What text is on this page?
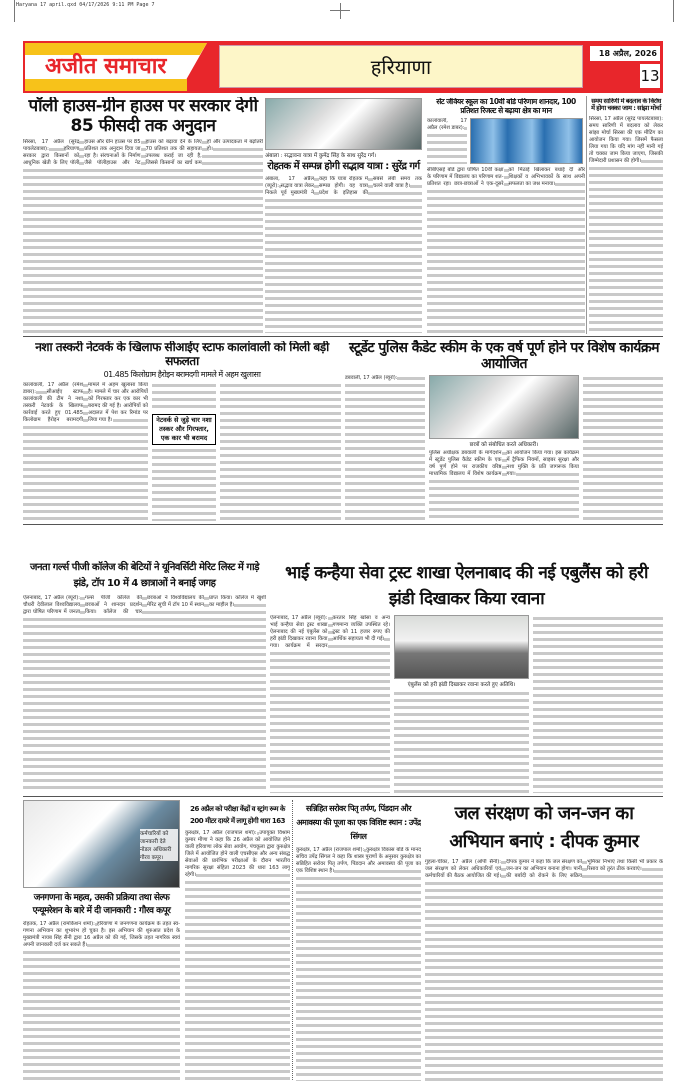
Haryana 17 april.qxd 04/17/2026 9:11 PM Page 7
अजीत समाचार	हरियाणा
18 अप्रैल, 2026
13
पॉली हाउस-ग्रीन हाउस पर सरकार देगी 85 फीसदी तक अनुदान
सिरसा, 17 अप्रैल (सुरेंद्र पायलेटबाबा):	हरियाणा सरकार द्वारा किसानों को आधुनिक खेती के लिए पॉली हाउस और ग्रीन हाउस पर 85 प्रतिशत तक अनुदान दिया जा रहा है। संरचनाओं के निर्माण जैसे पॉलीहाउस और नेट हाउस को बढ़ावा देने के लिए 70 प्रतिशत तक की सहायता उपलब्ध कराई जा रही है, जिससे किसानों का खर्च कम हो और उत्पादकता में बढ़ोतरी हो।
अंबाला : सद्भावना यात्रा में कुमेंद्र सिंह के साथ सुरेंद्र गर्ग।
रोहतक में सम्पन्न होगी सद्भाव यात्रा : सुरेंद्र गर्ग
अंबाला, 17 अप्रैल (ब्यूरो): सद्भाव यात्रा लेकर निकले पूर्व मुख्यमंत्री ने कहा कि यात्रा रोहतक में सम्पन्न होगी। यह यात्रा प्रदेश के इतिहास की सबसे लंबी समय तक चलने वाली यात्रा है।
सेंट जेवियर स्कूल का 10वीं बोर्ड परिणाम शानदार, 100 प्रतिशत रिजल्ट से बढ़ाया क्षेत्र का मान
कालांवाली, 17 अप्रैल (रमेश डाबर):
सीबीएसई बोर्ड द्वारा घोषित 10वीं कक्षा के परिणाम में विद्यालय का परिणाम शत-प्रतिशत रहा। छात्र-छात्राओं ने एक-दूसरे को मिठाई खिलाकर बधाई दी और शिक्षकों व अभिभावकों के साथ अपनी सफलता का जश्न मनाया।
समय सारिणी में बदलाव के विरोध में होगा चक्का जाम : सांझा मोर्चा
सिरसा, 17 अप्रैल (सुरेंद्र पायलेटबाबा): समय सारिणी में बदलाव को लेकर सांझा मोर्चा सिरसा की एक मीटिंग का आयोजन किया गया। जिसमें फैसला लिया गया कि यदि मांग नहीं मानी गई तो चक्का जाम किया जाएगा, जिसकी जिम्मेदारी प्रशासन की होगी।
नशा तस्करी नेटवर्क के खिलाफ सीआईए स्टाफ कालांवाली को मिली बड़ी सफलता
01.485 किलोग्राम हैरोइन बरामदगी मामले में अहम खुलासा
कालांवाली, 17 अप्रैल (रमेश डाबर): सीआईए स्टाफ कालांवाली की टीम ने नशा तस्करी नेटवर्क के खिलाफ कार्रवाई करते हुए 01.485 किलोग्राम हैरोइन बरामदगी मामले में अहम खुलासा किया है। मामले में चार और आरोपियों को गिरफ्तार कर एक कार भी बरामद की गई है। आरोपियों को अदालत में पेश कर रिमांड पर लिया गया है।	नेटवर्क से जुड़े चार नशा तस्कर और गिरफ्तार, एक कार भी बरामद
स्टूडेंट पुलिस कैडेट स्कीम के एक वर्ष पूर्ण होने पर विशेष कार्यक्रम आयोजित
डबवाली, 17 अप्रैल (ब्यूरो):
छात्रों को संबोधित करते अधिकारी।
पुलिस अधीक्षक डबवाली के मार्गदर्शन में स्टूडेंट पुलिस कैडेट स्कीम के एक वर्ष पूर्ण होने पर राजकीय वरिष्ठ माध्यमिक विद्यालय में विशेष कार्यक्रम का आयोजन किया गया। इस कार्यक्रम में ट्रैफिक नियमों, साइबर सुरक्षा और नशा मुक्ति के प्रति जागरूक किया गया।
जनता गर्ल्स पीजी कॉलेज की बेटियों ने यूनिवर्सिटी मेरिट लिस्ट में गाड़े झंडे, टॉप 10 में 4 छात्राओं ने बनाई जगह
ऐलनाबाद, 17 अप्रैल (ब्यूरो): चौधरी देवीलाल विश्वविद्यालय द्वारा घोषित परिणाम में जनता गर्ल्स पीजी कॉलेज की छात्राओं ने शानदार प्रदर्शन किया। कॉलेज की चार छात्राओं ने विश्वविद्यालय की मेरिट सूची में टॉप 10 में स्थान प्राप्त किया। कॉलेज में खुशी का माहौल है।
भाई कन्हैया सेवा ट्रस्ट शाखा ऐलनाबाद की नई एबुलैंस को हरी झंडी दिखाकर किया रवाना
ऐलनाबाद, 17 अप्रैल (ब्यूरो): भाई कन्हैया सेवा ट्रस्ट शाखा ऐलनाबाद की नई एंबुलेंस को हरी झंडी दिखाकर रवाना किया गया। कार्यक्रम में सरदार करतार सिंह खोसा व अन्य गणमान्य व्यक्ति उपस्थित रहे। ट्रस्ट को 11 हजार रुपए की आर्थिक सहायता भी दी गई।
एंबुलेंस को हरी झंडी दिखाकर रवाना करते हुए अतिथि।
कर्मचारियों को जानकारी देते नोडल अधिकारी गौरव कपूर।
जनगणना के महत्व, उसकी प्रक्रिया तथा सेल्फ एन्यूमरेशन के बारे में दी जानकारी : गौरव कपूर
रोहतक, 17 अप्रैल (रामकिशन शर्मा): हरियाणा में जनगणना कार्यक्रम के तहत स्व-गणना अभियान का शुभारंभ हो चुका है। इस अभियान की शुरुआत प्रदेश के मुख्यमंत्री नायब सिंह सैनी द्वारा 16 अप्रैल को की गई, जिसके तहत नागरिक स्वयं अपनी जानकारी दर्ज कर सकते हैं।
26 अप्रैल को परीक्षा केंद्रों व स्ट्रांग रूम के 200 मीटर दायरे में लागू होगी धारा 163
कुरुक्षेत्र, 17 अप्रैल (राजपाल शर्मा): उपायुक्त विश्राम कुमार मीणा ने कहा कि 26 अप्रैल को आयोजित होने वाली हरियाणा लोक सेवा आयोग, पंचकूला द्वारा कुरुक्षेत्र जिले में आयोजित होने वाली एचसीएस और अन्य संबद्ध सेवाओं की प्रारंभिक परीक्षाओं के दौरान भारतीय नागरिक सुरक्षा संहिता 2023 की धारा 163 लागू रहेगी।
सन्निहित सरोवर पितृ तर्पण, पिंडदान और अमावस्या की पूजा का एक विशिष्ट स्थान : उपेंद्र सिंगल
कुरुक्षेत्र, 17 अप्रैल (राजपाल शर्मा): कुरुक्षेत्र विकास बोर्ड के मानद सचिव उपेंद्र सिंगल ने कहा कि शास्त्र पुराणों के अनुसार कुरुक्षेत्र का सन्निहित सरोवर पितृ तर्पण, पिंडदान और अमावस्या की पूजा का एक विशिष्ट स्थान है।
जल संरक्षण को जन-जन का अभियान बनाएं : दीपक कुमार
गुहला-चीका, 17 अप्रैल (ओपी सैनी): जल संरक्षण को लेकर अधिकारियों एवं कर्मचारियों की बैठक आयोजित की गई। दीपक कुमार ने कहा कि जल संरक्षण को जन-जन का अभियान बनाना होगा। पानी की बर्बादी को रोकने के लिए सक्रिय भूमिका निभाएं तथा किसी भी प्रकार के रिसाव को तुरंत ठीक करवाएं।
